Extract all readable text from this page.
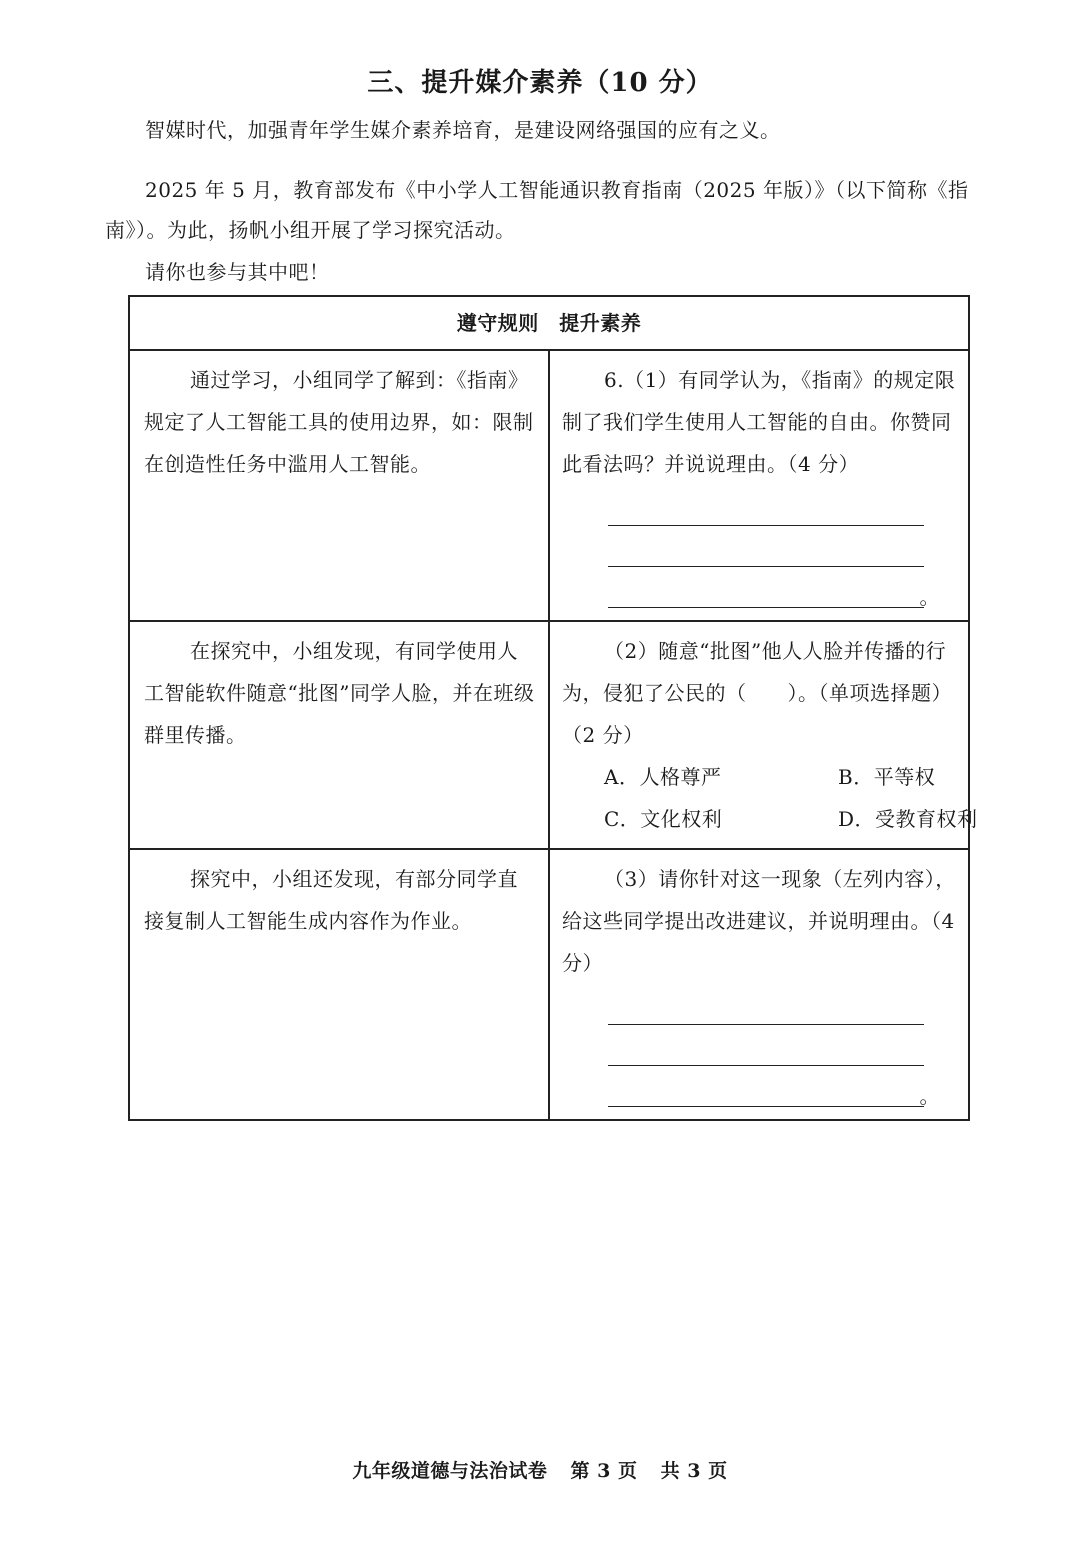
三、提升媒介素养（10 分）
智媒时代，加强青年学生媒介素养培育，是建设网络强国的应有之义。
2025 年 5 月，教育部发布《中小学人工智能通识教育指南（2025 年版）》（以下简称《指南》）。为此，扬帆小组开展了学习探究活动。
请你也参与其中吧！
遵守规则　提升素养	

通过学习，小组同学了解到：《指南》规定了人工智能工具的使用边界，如：限制在创造性任务中滥用人工智能。	6.（1）有同学认为，《指南》的规定限制了我们学生使用人工智能的自由。你赞同此看法吗？并说说理由。（4 分）
。

在探究中，小组发现，有同学使用人工智能软件随意“批图”同学人脸，并在班级群里传播。	（2）随意“批图”他人人脸并传播的行为，侵犯了公民的（　　）。（单项选择题）（2 分）
A．人格尊严 B．平等权
C．文化权利 D．受教育权利

探究中，小组还发现，有部分同学直接复制人工智能生成内容作为作业。	（3）请你针对这一现象（左列内容），给这些同学提出改进建议，并说明理由。（4 分）
。
九年级道德与法治试卷 第 3 页 共 3 页
